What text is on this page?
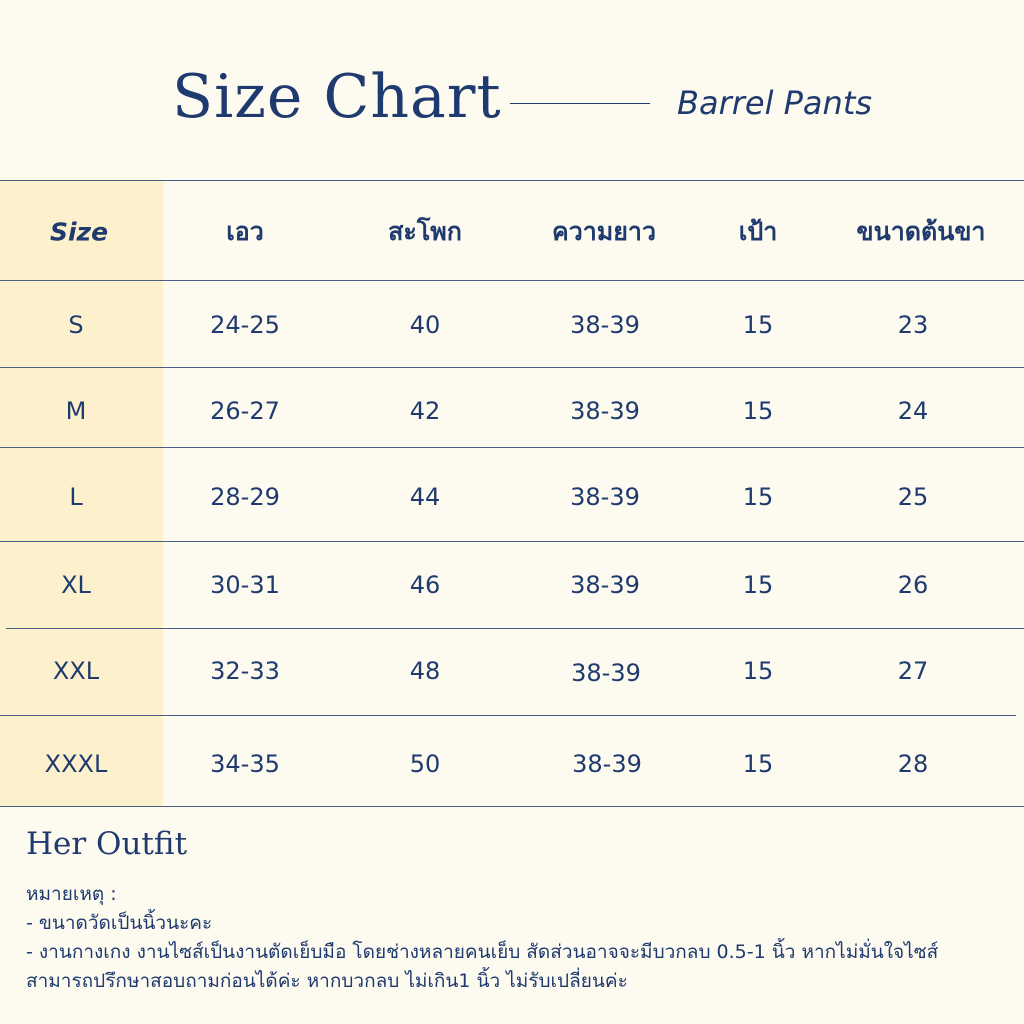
Size Chart	Barrel Pants
Size	เอว	สะโพก	ความยาว	เป้า	ขนาดต้นขา
S	24-25	40	38-39	15	23
M	26-27	42	38-39	15	24
L	28-29	44	38-39	15	25
XL	30-31	46	38-39	15	26
XXL	32-33	48	38-39	15	27
XXXL	34-35	50	38-39	15	28
Her Outfit
หมายเหตุ :
- ขนาดวัดเป็นนิ้วนะคะ
- งานกางเกง งานไซส์เป็นงานตัดเย็บมือ โดยช่างหลายคนเย็บ สัดส่วนอาจจะมีบวกลบ 0.5-1 นิ้ว หากไม่มั่นใจไซส์
สามารถปรึกษาสอบถามก่อนได้ค่ะ หากบวกลบ ไม่เกิน1 นิ้ว ไม่รับเปลี่ยนค่ะ
